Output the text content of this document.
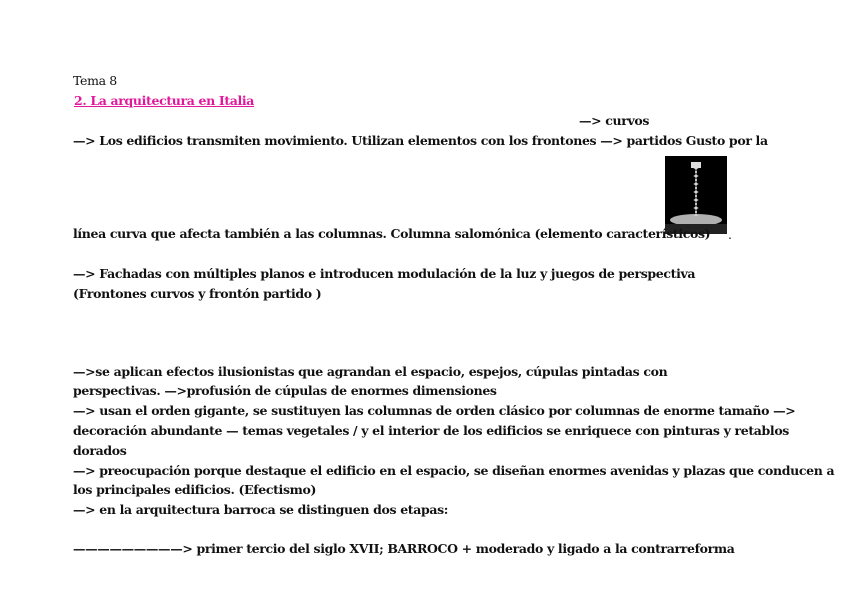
Tema 8
2. La arquitectura en Italia
—> curvos
—> Los edificios transmiten movimiento. Utilizan elementos con los frontones —> partidos Gusto por la
línea curva que afecta también a las columnas. Columna salomónica (elemento característicos) .
—> Fachadas con múltiples planos e introducen modulación de la luz y juegos de perspectiva
(Frontones curvos y frontón partido )
—>se aplican efectos ilusionistas que agrandan el espacio, espejos, cúpulas pintadas con
perspectivas. —>profusión de cúpulas de enormes dimensiones
—> usan el orden gigante, se sustituyen las columnas de orden clásico por columnas de enorme tamaño —>
decoración abundante — temas vegetales / y el interior de los edificios se enriquece con pinturas y retablos
dorados
—> preocupación porque destaque el edificio en el espacio, se diseñan enormes avenidas y plazas que conducen a
los principales edificios. (Efectismo)
—> en la arquitectura barroca se distinguen dos etapas:
—————————> primer tercio del siglo XVII; BARROCO + moderado y ligado a la contrarreforma
